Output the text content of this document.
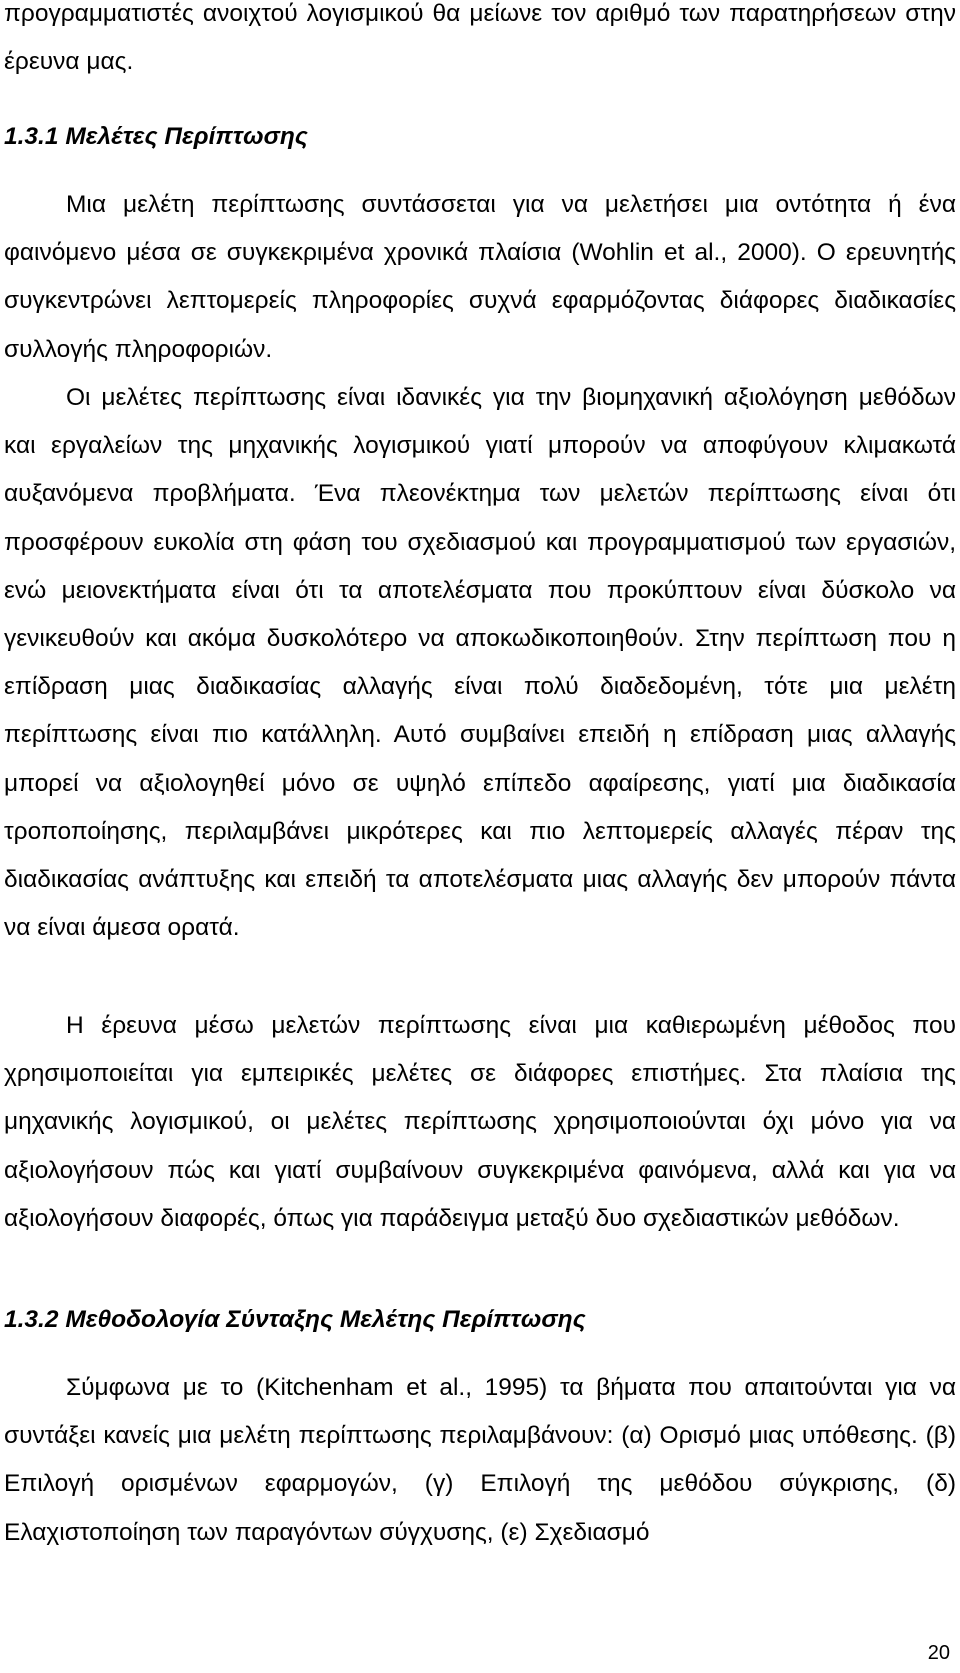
προγραμματιστές ανοιχτού λογισμικού θα μείωνε τον αριθμό των παρατηρήσεων στην έρευνα μας.

1.3.1 Μελέτες Περίπτωσης

Μια μελέτη περίπτωσης συντάσσεται για να μελετήσει μια οντότητα ή ένα φαινόμενο μέσα σε συγκεκριμένα χρονικά πλαίσια (Wohlin et al., 2000). Ο ερευνητής συγκεντρώνει λεπτομερείς πληροφορίες συχνά εφαρμόζοντας διάφορες διαδικασίες συλλογής πληροφοριών.

Οι μελέτες περίπτωσης είναι ιδανικές για την βιομηχανική αξιολόγηση μεθόδων και εργαλείων της μηχανικής λογισμικού γιατί μπορούν να αποφύγουν κλιμακωτά αυξανόμενα προβλήματα. Ένα πλεονέκτημα των μελετών περίπτωσης είναι ότι προσφέρουν ευκολία στη φάση του σχεδιασμού και προγραμματισμού των εργασιών, ενώ μειονεκτήματα είναι ότι τα αποτελέσματα που προκύπτουν είναι δύσκολο να γενικευθούν και ακόμα δυσκολότερο να αποκωδικοποιηθούν. Στην περίπτωση που η επίδραση μιας διαδικασίας αλλαγής είναι πολύ διαδεδομένη, τότε μια μελέτη περίπτωσης είναι πιο κατάλληλη. Αυτό συμβαίνει επειδή η επίδραση μιας αλλαγής μπορεί να αξιολογηθεί μόνο σε υψηλό επίπεδο αφαίρεσης, γιατί μια διαδικασία τροποποίησης, περιλαμβάνει μικρότερες και πιο λεπτομερείς αλλαγές πέραν της διαδικασίας ανάπτυξης και επειδή τα αποτελέσματα μιας αλλαγής δεν μπορούν πάντα να είναι άμεσα ορατά.

Η έρευνα μέσω μελετών περίπτωσης είναι μια καθιερωμένη μέθοδος που χρησιμοποιείται για εμπειρικές μελέτες σε διάφορες επιστήμες. Στα πλαίσια της μηχανικής λογισμικού, οι μελέτες περίπτωσης χρησιμοποιούνται όχι μόνο για να αξιολογήσουν πώς και γιατί συμβαίνουν συγκεκριμένα φαινόμενα, αλλά και για να αξιολογήσουν διαφορές, όπως για παράδειγμα μεταξύ δυο σχεδιαστικών μεθόδων.

1.3.2 Μεθοδολογία Σύνταξης Μελέτης Περίπτωσης

Σύμφωνα με το (Kitchenham et al., 1995) τα βήματα που απαιτούνται για να συντάξει κανείς μια μελέτη περίπτωσης περιλαμβάνουν: (α) Ορισμό μιας υπόθεσης. (β) Επιλογή ορισμένων εφαρμογών, (γ) Επιλογή της μεθόδου σύγκρισης, (δ) Ελαχιστοποίηση των παραγόντων σύγχυσης, (ε) Σχεδιασμό

20
